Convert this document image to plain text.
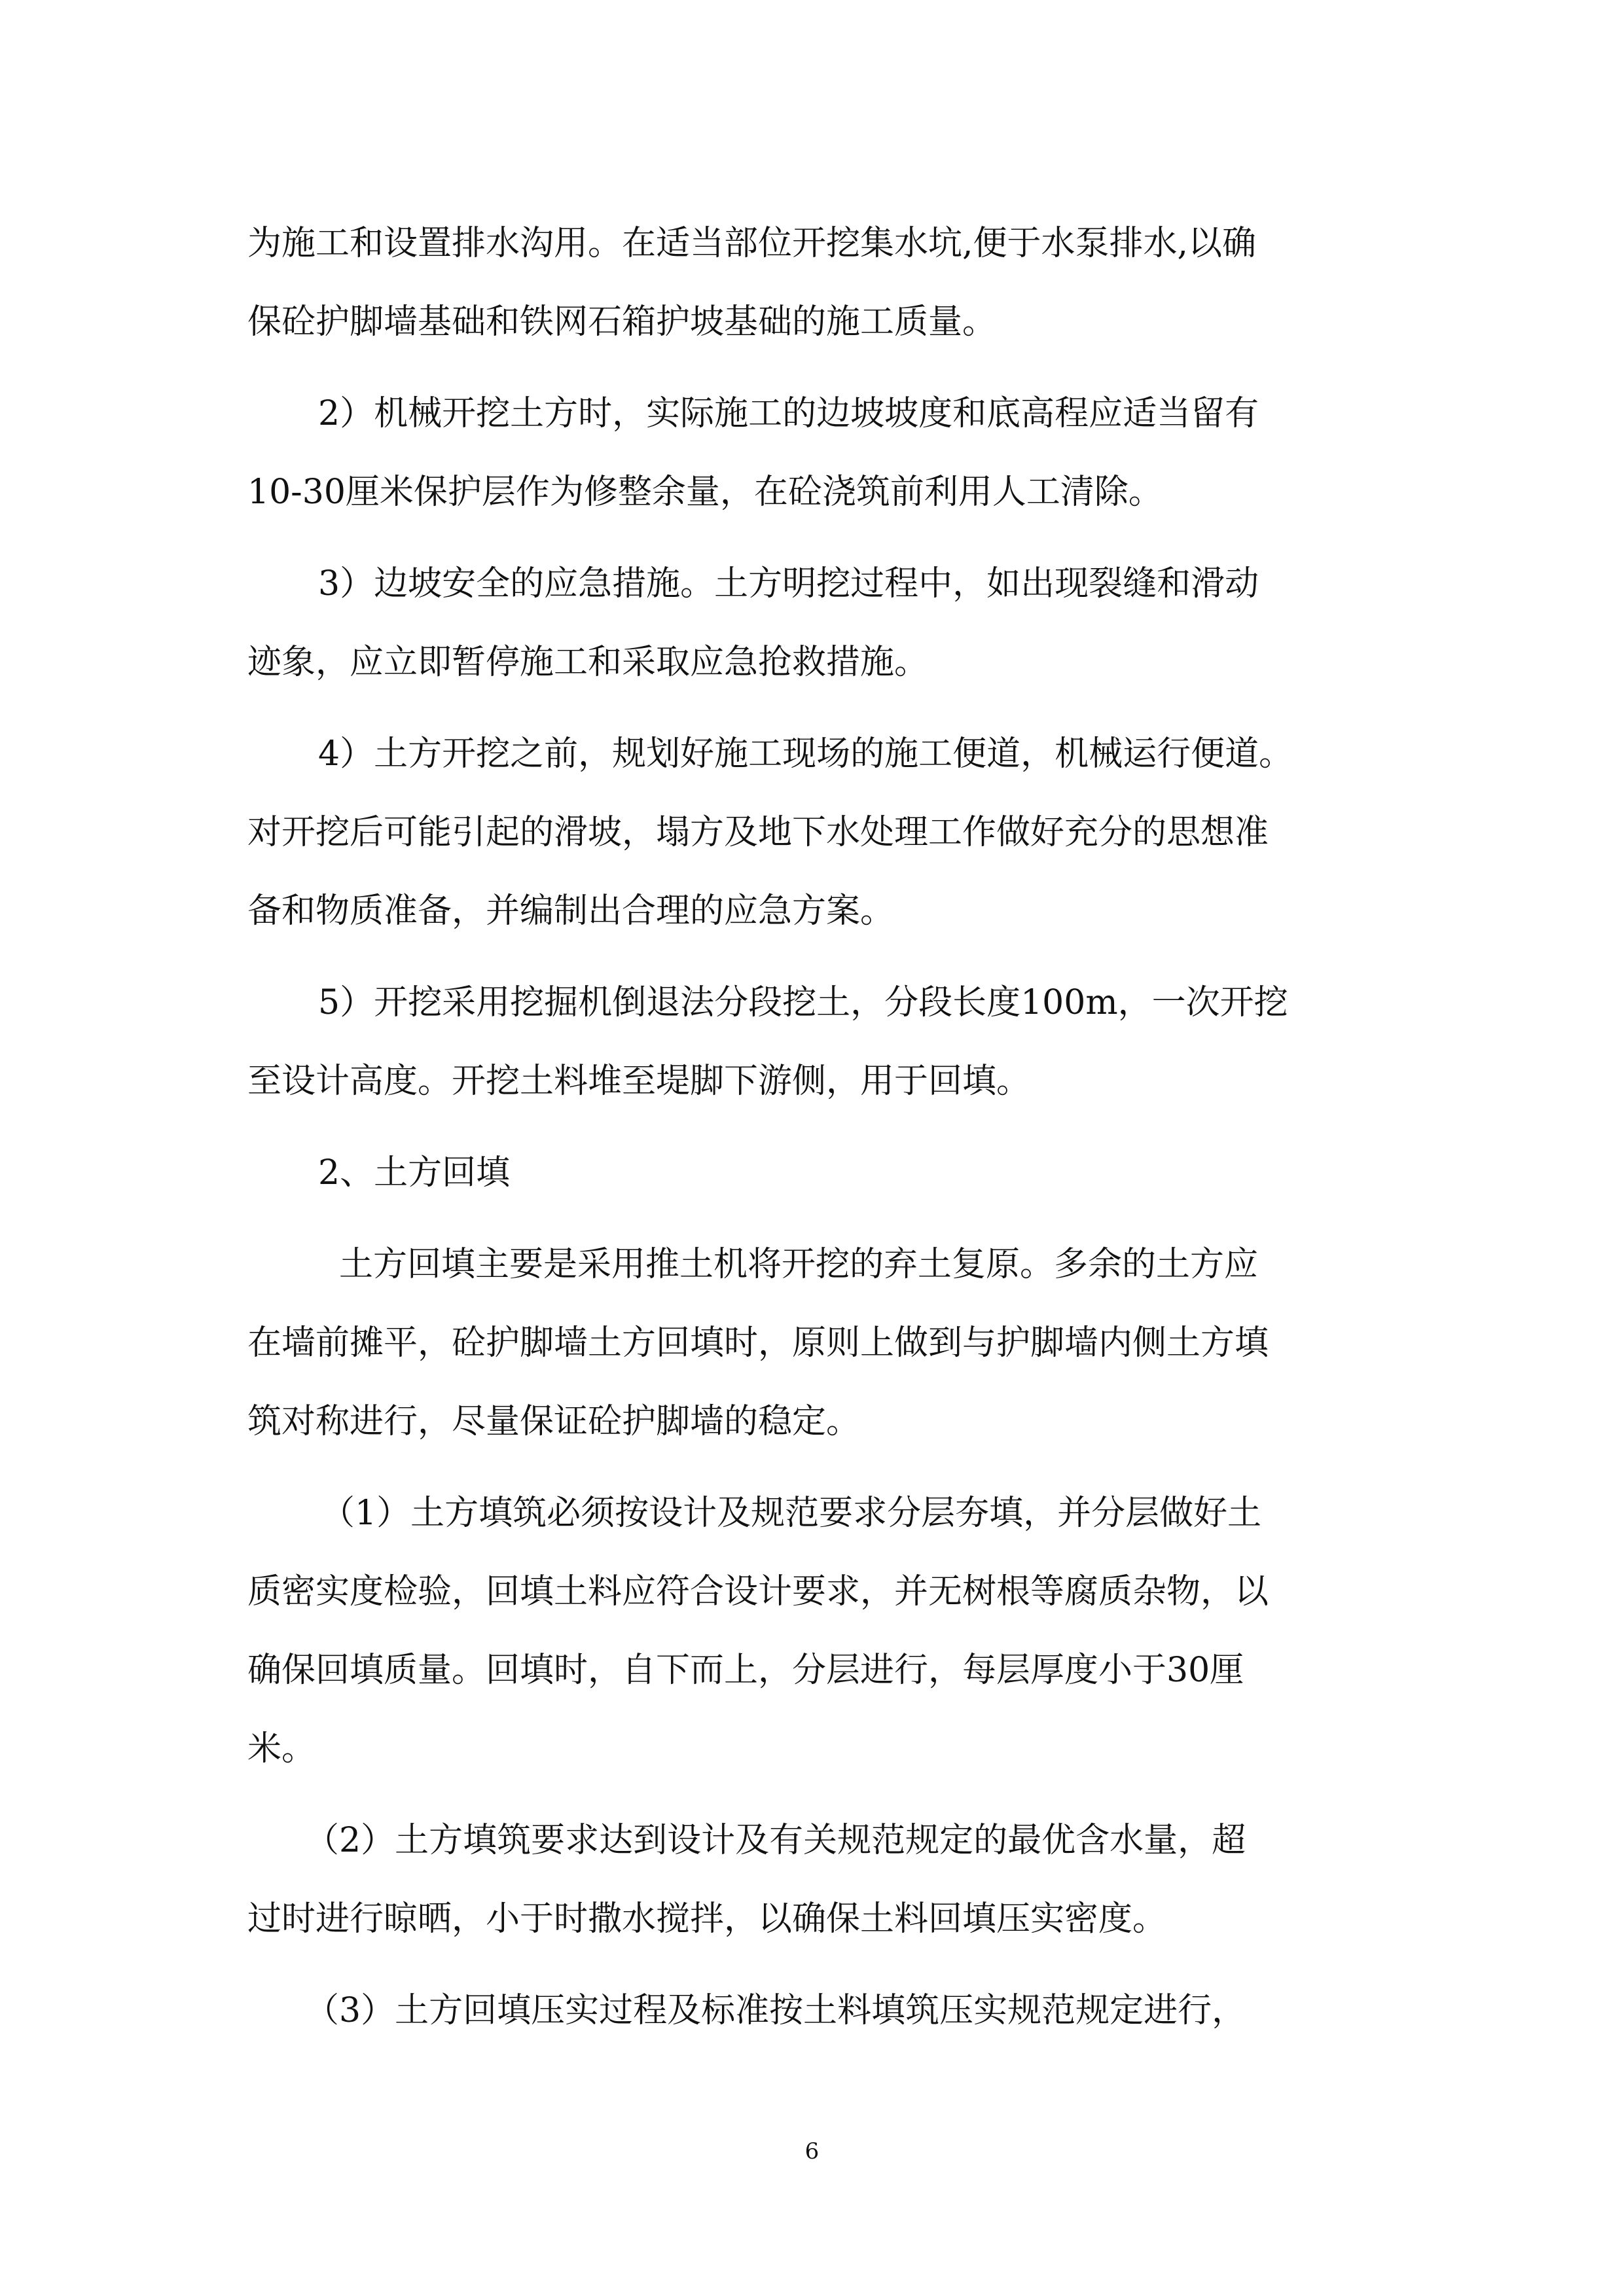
为施工和设置排水沟用。在适当部位开挖集水坑,便于水泵排水,以确
保砼护脚墙基础和铁网石箱护坡基础的施工质量。
2）机械开挖土方时，实际施工的边坡坡度和底高程应适当留有
10-30厘米保护层作为修整余量，在砼浇筑前利用人工清除。
3）边坡安全的应急措施。土方明挖过程中，如出现裂缝和滑动
迹象，应立即暂停施工和采取应急抢救措施。
4）土方开挖之前，规划好施工现场的施工便道，机械运行便道。
对开挖后可能引起的滑坡，塌方及地下水处理工作做好充分的思想准
备和物质准备，并编制出合理的应急方案。
5）开挖采用挖掘机倒退法分段挖土，分段长度100m，一次开挖
至设计高度。开挖土料堆至堤脚下游侧，用于回填。
2、土方回填
土方回填主要是采用推土机将开挖的弃土复原。多余的土方应
在墙前摊平，砼护脚墙土方回填时，原则上做到与护脚墙内侧土方填
筑对称进行，尽量保证砼护脚墙的稳定。
（1）土方填筑必须按设计及规范要求分层夯填，并分层做好土
质密实度检验，回填土料应符合设计要求，并无树根等腐质杂物，以
确保回填质量。回填时，自下而上，分层进行，每层厚度小于30厘
米。
（2）土方填筑要求达到设计及有关规范规定的最优含水量，超
过时进行晾晒，小于时撒水搅拌，以确保土料回填压实密度。
（3）土方回填压实过程及标准按土料填筑压实规范规定进行，
6
